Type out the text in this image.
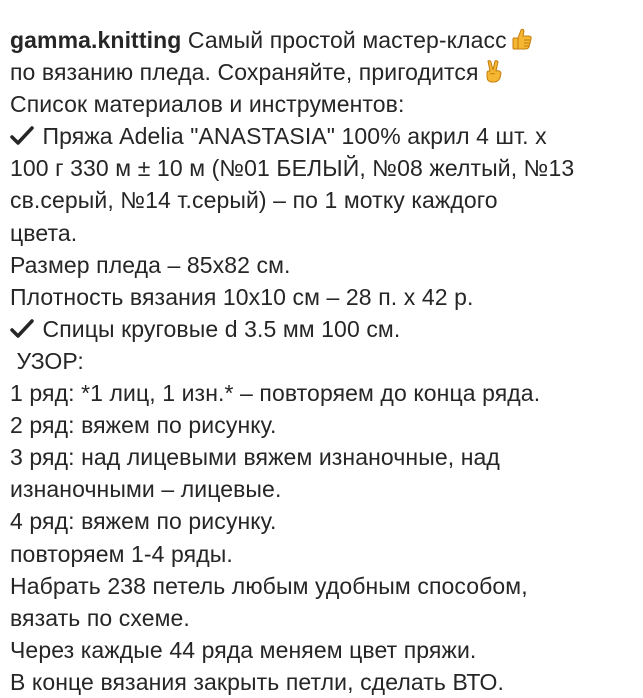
gamma.knitting Самый простой мастер-класс
по вязанию пледа. Сохраняйте, пригодится
Список материалов и инструментов:
Пряжа Adelia "ANASTASIA" 100% акрил 4 шт. х
100 г 330 м ± 10 м (№01 БЕЛЫЙ, №08 желтый, №13
св.серый, №14 т.серый) – по 1 мотку каждого
цвета.
Размер пледа – 85х82 см.
Плотность вязания 10х10 см – 28 п. х 42 р.
Спицы круговые d 3.5 мм 100 см.
УЗОР:
1 ряд: *1 лиц, 1 изн.* – повторяем до конца ряда.
2 ряд: вяжем по рисунку.
3 ряд: над лицевыми вяжем изнаночные, над
изнаночными – лицевые.
4 ряд: вяжем по рисунку.
повторяем 1-4 ряды.
Набрать 238 петель любым удобным способом,
вязать по схеме.
Через каждые 44 ряда меняем цвет пряжи.
В конце вязания закрыть петли, сделать ВТО.
